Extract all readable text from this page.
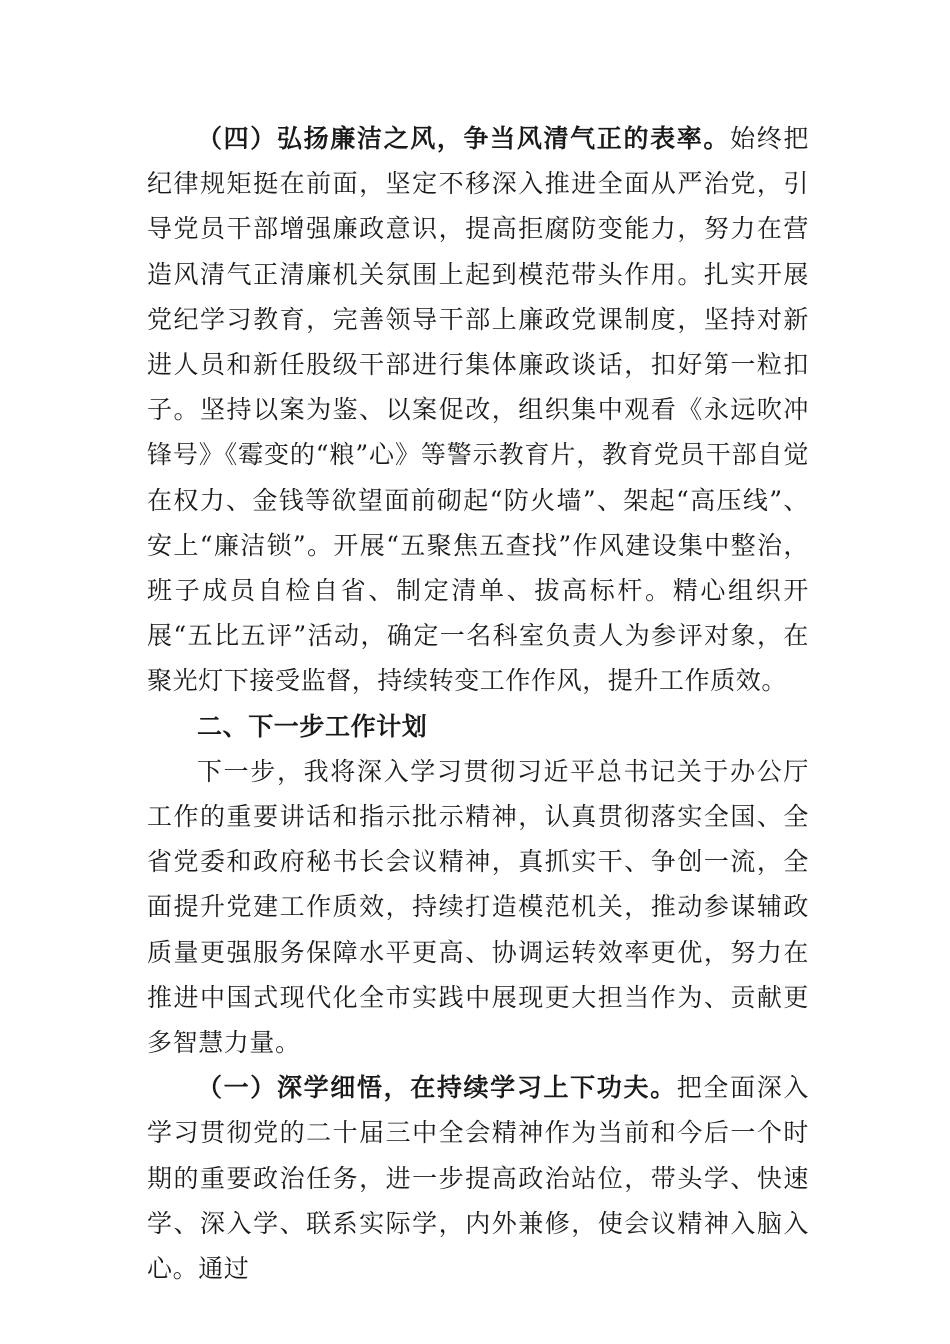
（四）弘扬廉洁之风，争当风清气正的表率。始终把纪律规矩挺在前面，坚定不移深入推进全面从严治党，引导党员干部增强廉政意识，提高拒腐防变能力，努力在营造风清气正清廉机关氛围上起到模范带头作用。扎实开展党纪学习教育，完善领导干部上廉政党课制度，坚持对新进人员和新任股级干部进行集体廉政谈话，扣好第一粒扣子。坚持以案为鉴、以案促改，组织集中观看《永远吹冲锋号》《霉变的“粮”心》等警示教育片，教育党员干部自觉在权力、金钱等欲望面前砌起“防火墙”、架起“高压线”、安上“廉洁锁”。开展“五聚焦五查找”作风建设集中整治，班子成员自检自省、制定清单、拔高标杆。精心组织开展“五比五评”活动，确定一名科室负责人为参评对象，在聚光灯下接受监督，持续转变工作作风，提升工作质效。

二、下一步工作计划

下一步，我将深入学习贯彻习近平总书记关于办公厅工作的重要讲话和指示批示精神，认真贯彻落实全国、全省党委和政府秘书长会议精神，真抓实干、争创一流，全面提升党建工作质效，持续打造模范机关，推动参谋辅政质量更强服务保障水平更高、协调运转效率更优，努力在推进中国式现代化全市实践中展现更大担当作为、贡献更多智慧力量。

（一）深学细悟，在持续学习上下功夫。把全面深入学习贯彻党的二十届三中全会精神作为当前和今后一个时期的重要政治任务，进一步提高政治站位，带头学、快速学、深入学、联系实际学，内外兼修，使会议精神入脑入心。通过
